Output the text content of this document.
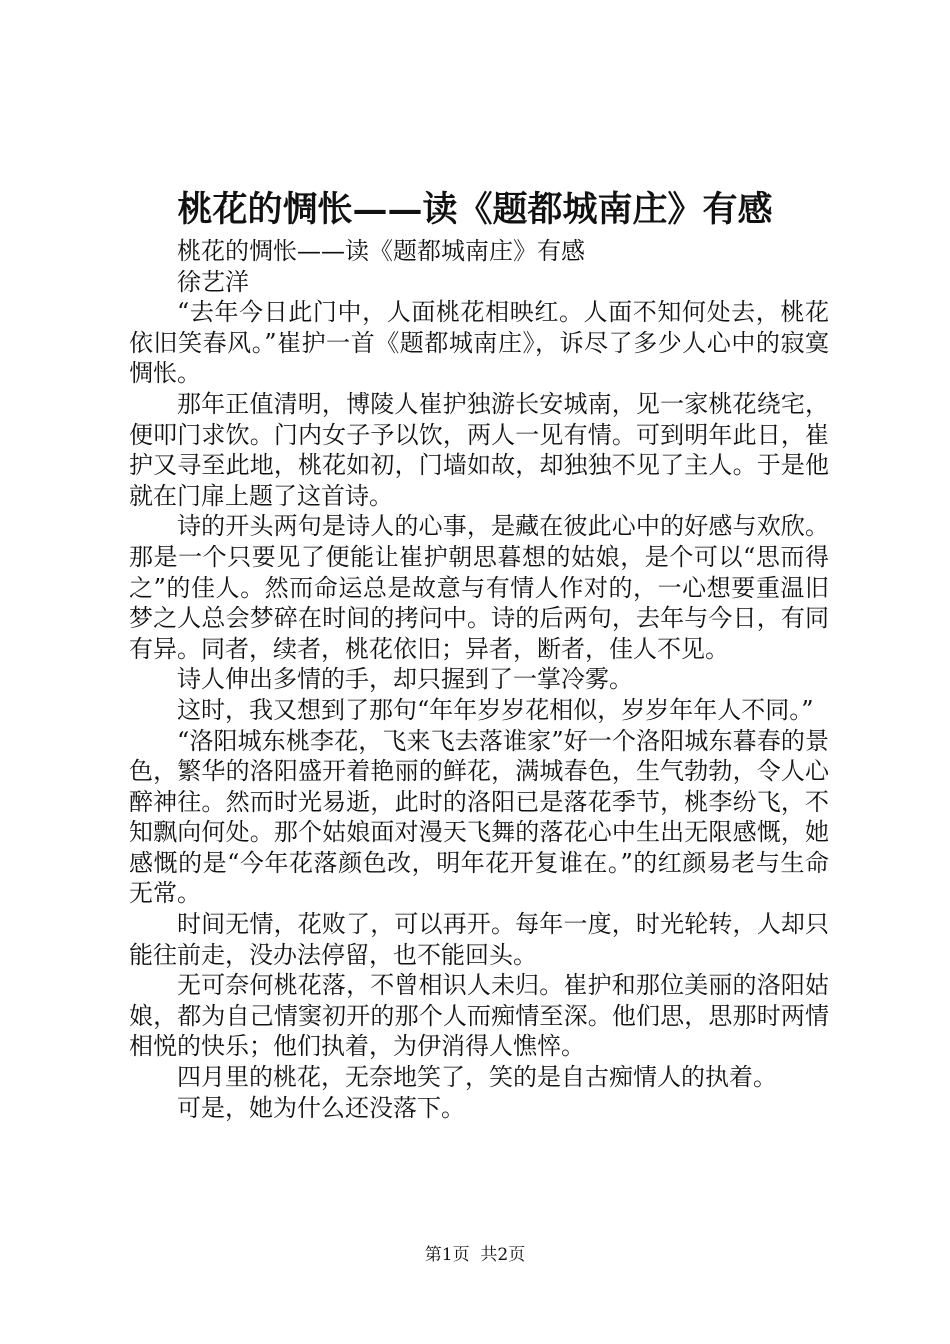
桃花的惆怅——读《题都城南庄》有感

桃花的惆怅——读《题都城南庄》有感

徐艺洋

“去年今日此门中，人面桃花相映红。人面不知何处去，桃花依旧笑春风。”崔护一首《题都城南庄》，诉尽了多少人心中的寂寞惆怅。

那年正值清明，博陵人崔护独游长安城南，见一家桃花绕宅，便叩门求饮。门内女子予以饮，两人一见有情。可到明年此日，崔护又寻至此地，桃花如初，门墙如故，却独独不见了主人。于是他就在门扉上题了这首诗。

诗的开头两句是诗人的心事，是藏在彼此心中的好感与欢欣。那是一个只要见了便能让崔护朝思暮想的姑娘，是个可以“思而得之”的佳人。然而命运总是故意与有情人作对的，一心想要重温旧梦之人总会梦碎在时间的拷问中。诗的后两句，去年与今日，有同有异。同者，续者，桃花依旧；异者，断者，佳人不见。

诗人伸出多情的手，却只握到了一掌冷雾。

这时，我又想到了那句“年年岁岁花相似，岁岁年年人不同。”

“洛阳城东桃李花，飞来飞去落谁家”好一个洛阳城东暮春的景色，繁华的洛阳盛开着艳丽的鲜花，满城春色，生气勃勃，令人心醉神往。然而时光易逝，此时的洛阳已是落花季节，桃李纷飞，不知飘向何处。那个姑娘面对漫天飞舞的落花心中生出无限感慨，她感慨的是“今年花落颜色改，明年花开复谁在。”的红颜易老与生命无常。

时间无情，花败了，可以再开。每年一度，时光轮转，人却只能往前走，没办法停留，也不能回头。

无可奈何桃花落，不曾相识人未归。崔护和那位美丽的洛阳姑娘，都为自己情窦初开的那个人而痴情至深。他们思，思那时两情相悦的快乐；他们执着，为伊消得人憔悴。

四月里的桃花，无奈地笑了，笑的是自古痴情人的执着。

可是，她为什么还没落下。

第1页 共2页
